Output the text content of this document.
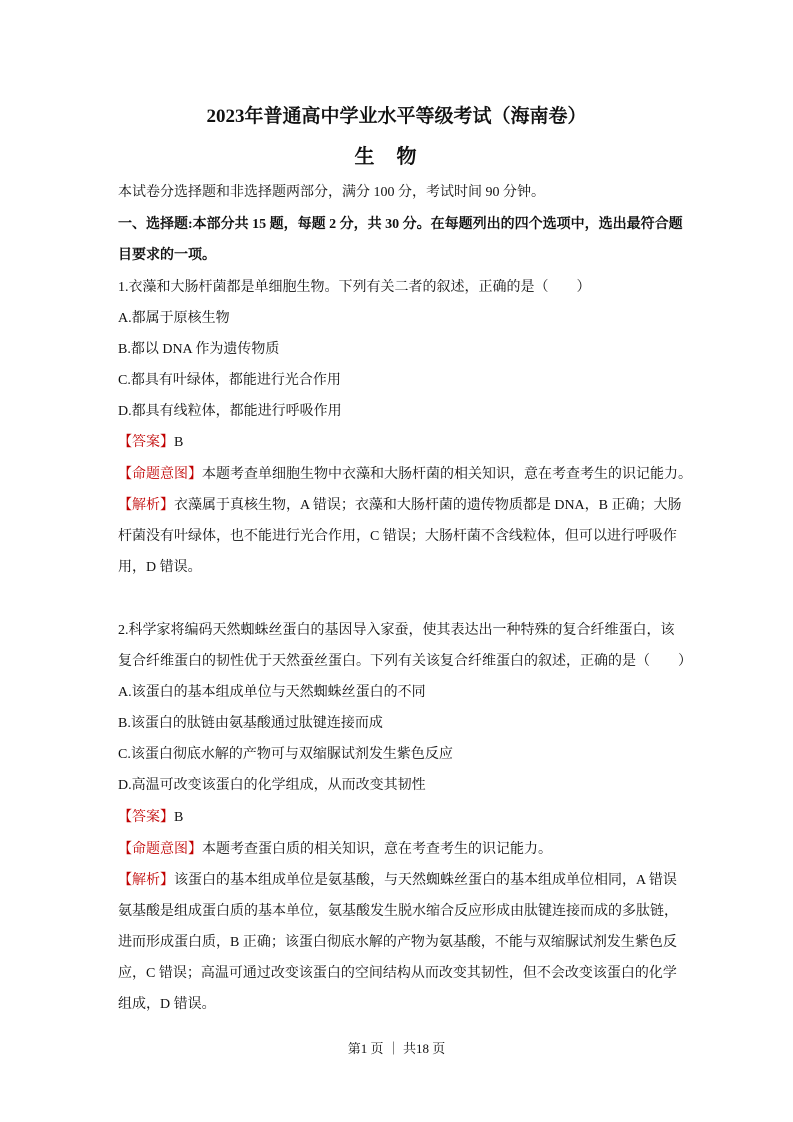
2023年普通高中学业水平等级考试（海南卷）
生物
本试卷分选择题和非选择题两部分，满分 100 分，考试时间 90 分钟。
一、选择题:本部分共 15 题，每题 2 分，共 30 分。在每题列出的四个选项中，选出最符合题
目要求的一项。
1.衣藻和大肠杆菌都是单细胞生物。下列有关二者的叙述，正确的是（　　）
A.都属于原核生物
B.都以 DNA 作为遗传物质
C.都具有叶绿体，都能进行光合作用
D.都具有线粒体，都能进行呼吸作用
【答案】B
【命题意图】本题考查单细胞生物中衣藻和大肠杆菌的相关知识，意在考查考生的识记能力。
【解析】衣藻属于真核生物，A 错误；衣藻和大肠杆菌的遗传物质都是 DNA，B 正确；大肠
杆菌没有叶绿体，也不能进行光合作用，C 错误；大肠杆菌不含线粒体，但可以进行呼吸作
用，D 错误。
2.科学家将编码天然蜘蛛丝蛋白的基因导入家蚕，使其表达出一种特殊的复合纤维蛋白，该
复合纤维蛋白的韧性优于天然蚕丝蛋白。下列有关该复合纤维蛋白的叙述，正确的是（　　）
A.该蛋白的基本组成单位与天然蜘蛛丝蛋白的不同
B.该蛋白的肽链由氨基酸通过肽键连接而成
C.该蛋白彻底水解的产物可与双缩脲试剂发生紫色反应
D.高温可改变该蛋白的化学组成，从而改变其韧性
【答案】B
【命题意图】本题考查蛋白质的相关知识，意在考查考生的识记能力。
【解析】该蛋白的基本组成单位是氨基酸，与天然蜘蛛丝蛋白的基本组成单位相同，A 错误
氨基酸是组成蛋白质的基本单位，氨基酸发生脱水缩合反应形成由肽键连接而成的多肽链，
进而形成蛋白质，B 正确；该蛋白彻底水解的产物为氨基酸，不能与双缩脲试剂发生紫色反
应，C 错误；高温可通过改变该蛋白的空间结构从而改变其韧性，但不会改变该蛋白的化学
组成，D 错误。
第1 页 ｜ 共18 页
